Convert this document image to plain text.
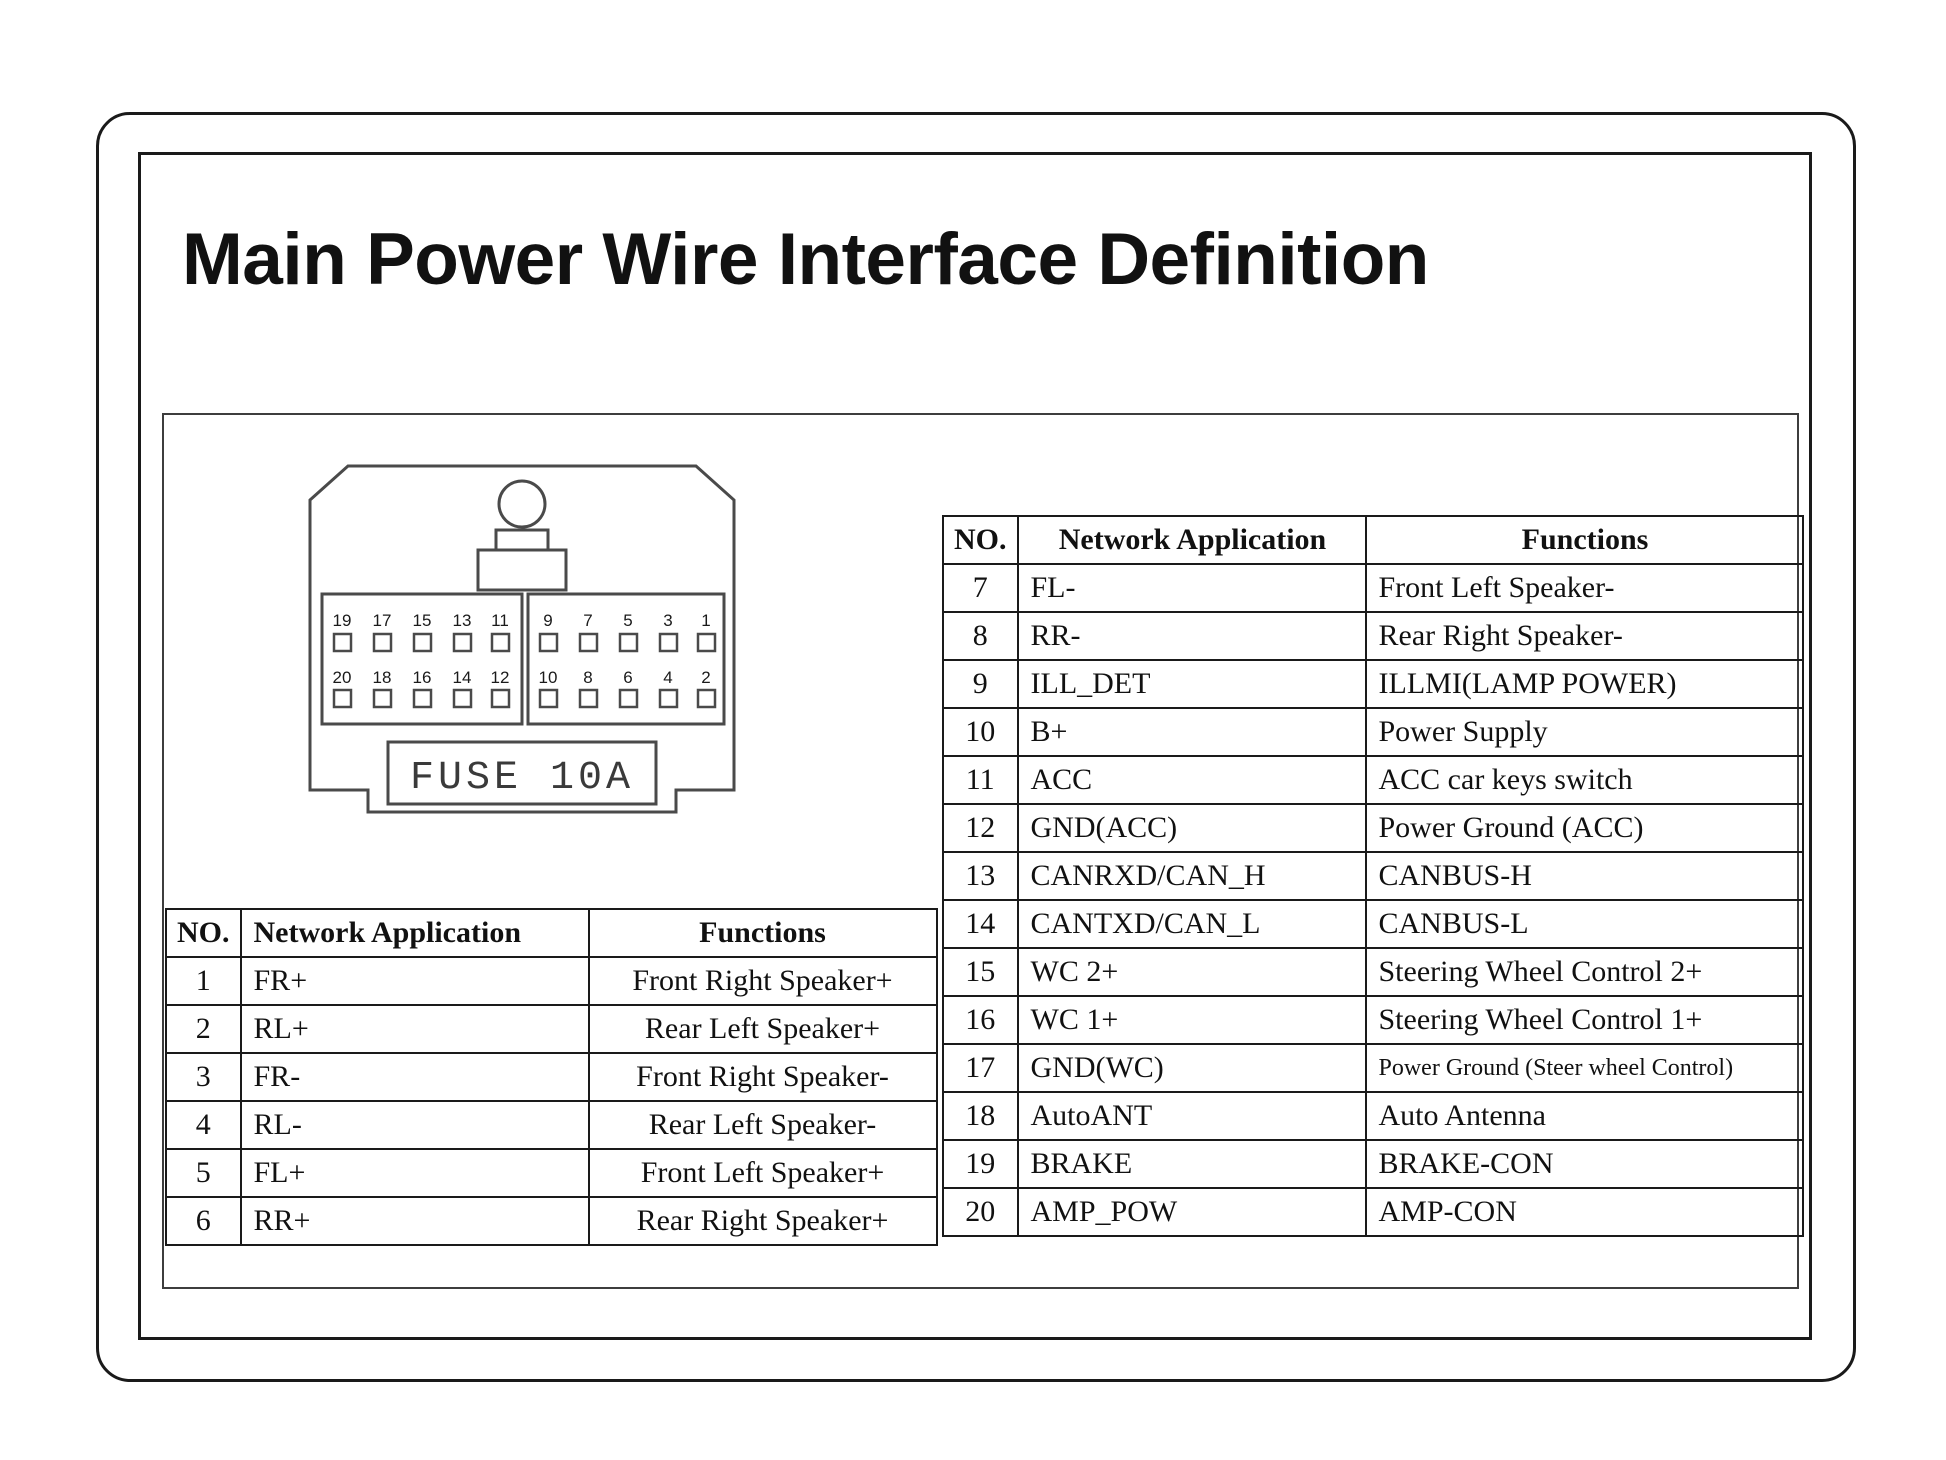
Main Power Wire Interface Definition
19 17 15 13 11 9 7 5 3 1
20 18 16 14 12 10 8 6 4 2
FUSE 10A
NO.	Network Application	Functions
7	FL-	Front Left Speaker-
8	RR-	Rear Right Speaker-
9	ILL_DET	ILLMI(LAMP POWER)
10	B+	Power Supply
11	ACC	ACC car keys switch
12	GND(ACC)	Power Ground (ACC)
13	CANRXD/CAN_H	CANBUS-H
14	CANTXD/CAN_L	CANBUS-L
15	WC 2+	Steering Wheel Control 2+
16	WC 1+	Steering Wheel Control 1+
17	GND(WC)	Power Ground (Steer wheel Control)
18	AutoANT	Auto Antenna
19	BRAKE	BRAKE-CON
20	AMP_POW	AMP-CON
NO.	Network Application	Functions
1	FR+	Front Right Speaker+
2	RL+	Rear Left Speaker+
3	FR-	Front Right Speaker-
4	RL-	Rear Left Speaker-
5	FL+	Front Left Speaker+
6	RR+	Rear Right Speaker+
